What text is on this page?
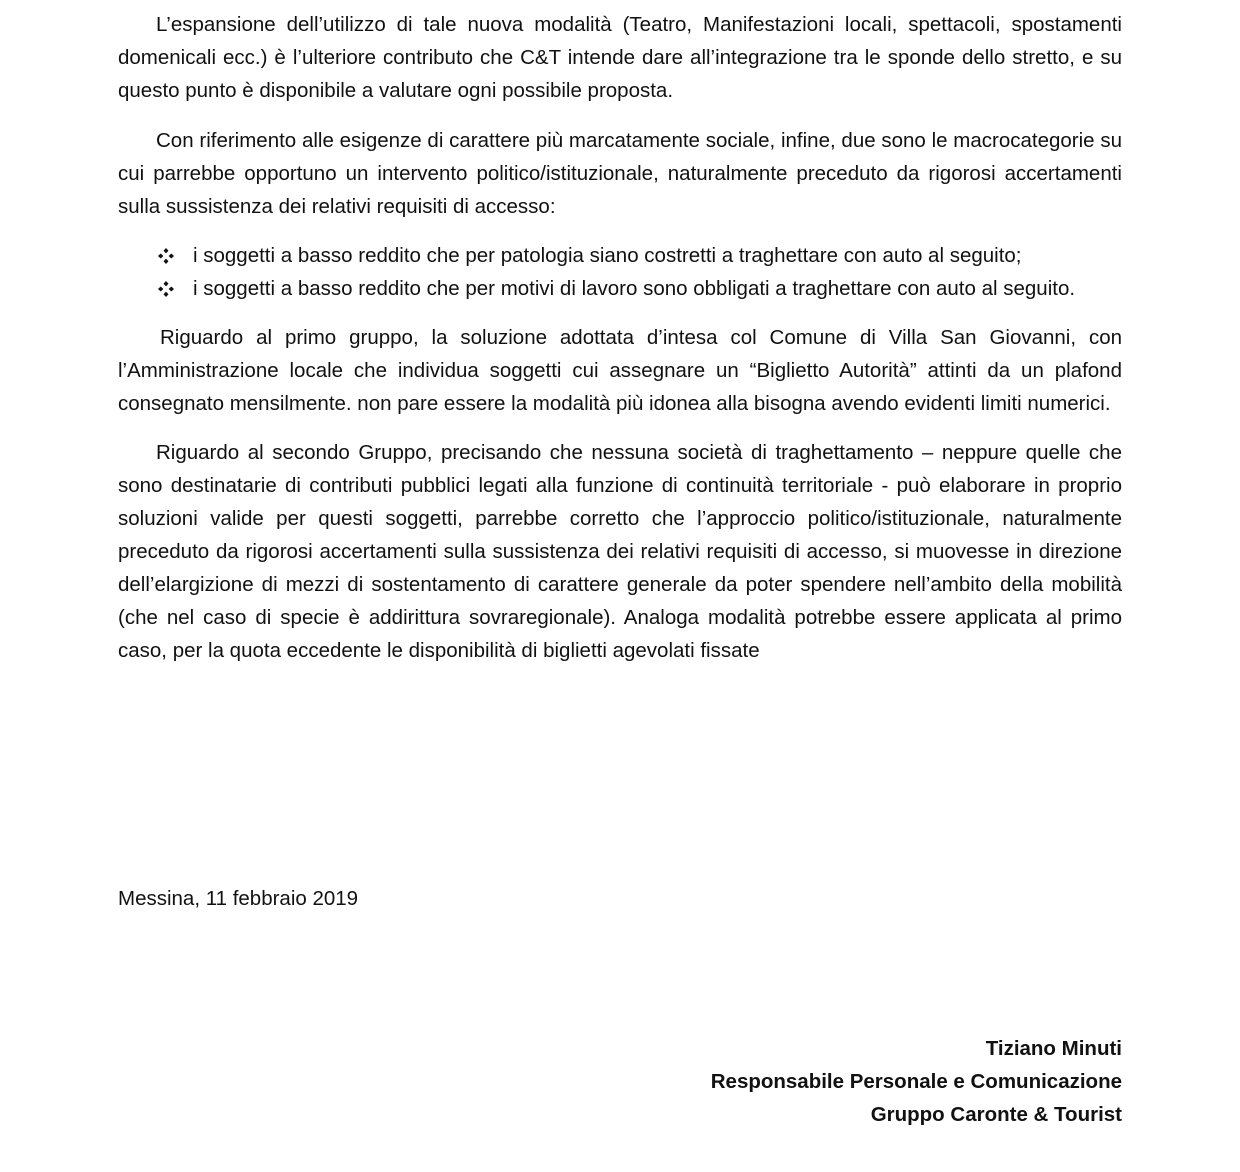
L’espansione dell’utilizzo di tale nuova modalità (Teatro, Manifestazioni locali, spettacoli, spostamenti domenicali ecc.) è l’ulteriore contributo che C&T intende dare all’integrazione tra le sponde dello stretto, e su questo punto è disponibile a valutare ogni possibile proposta.

Con riferimento alle esigenze di carattere più marcatamente sociale, infine, due sono le macrocategorie su cui parrebbe opportuno un intervento politico/istituzionale, naturalmente preceduto da rigorosi accertamenti sulla sussistenza dei relativi requisiti di accesso:

i soggetti a basso reddito che per patologia siano costretti a traghettare con auto al seguito;
i soggetti a basso reddito che per motivi di lavoro sono obbligati a traghettare con auto al seguito.

Riguardo al primo gruppo, la soluzione adottata d’intesa col Comune di Villa San Giovanni, con l’Amministrazione locale che individua soggetti cui assegnare un “Biglietto Autorità” attinti da un plafond consegnato mensilmente. non pare essere la modalità più idonea alla bisogna avendo evidenti limiti numerici.

Riguardo al secondo Gruppo, precisando che nessuna società di traghettamento – neppure quelle che sono destinatarie di contributi pubblici legati alla funzione di continuità territoriale - può elaborare in proprio soluzioni valide per questi soggetti, parrebbe corretto che l’approccio politico/istituzionale, naturalmente preceduto da rigorosi accertamenti sulla sussistenza dei relativi requisiti di accesso, si muovesse in direzione dell’elargizione di mezzi di sostentamento di carattere generale da poter spendere nell’ambito della mobilità (che nel caso di specie è addirittura sovraregionale). Analoga modalità potrebbe essere applicata al primo caso, per la quota eccedente le disponibilità di biglietti agevolati fissate

Messina, 11 febbraio 2019

Tiziano Minuti
Responsabile Personale e Comunicazione
Gruppo Caronte & Tourist
